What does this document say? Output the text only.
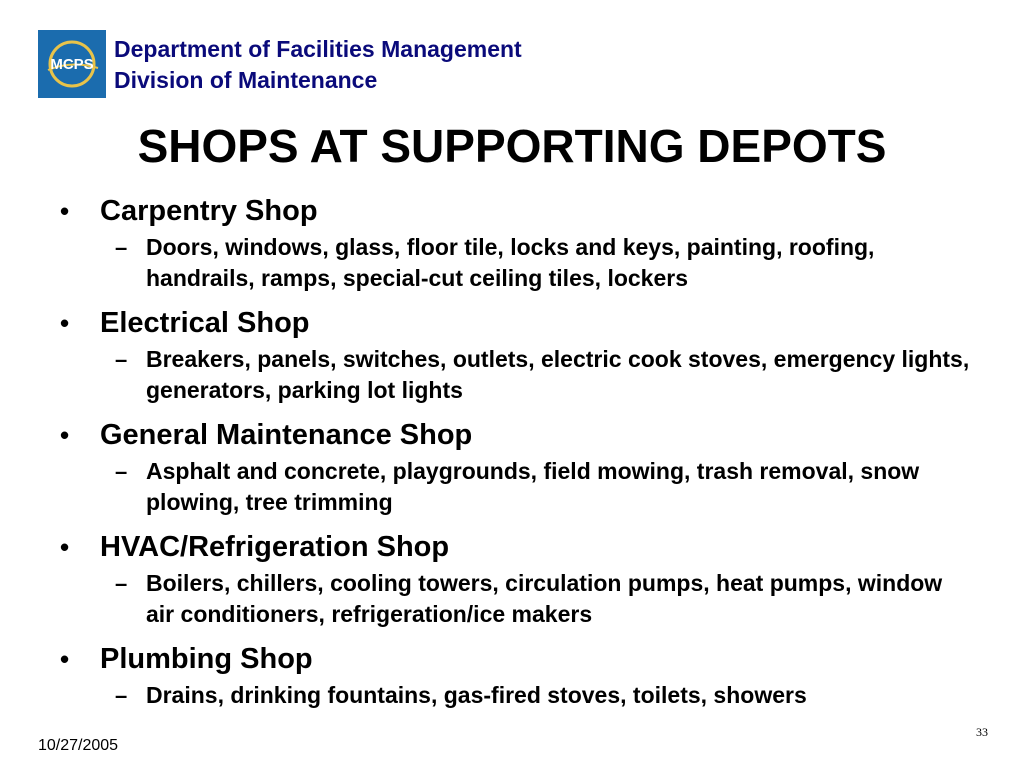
MCPS
Department of Facilities Management
Division of Maintenance
SHOPS AT SUPPORTING DEPOTS
•	Carpentry Shop
– Doors, windows, glass, floor tile, locks and keys, painting, roofing, handrails, ramps, special-cut ceiling tiles, lockers
•	Electrical Shop
– Breakers, panels, switches, outlets, electric cook stoves, emergency lights, generators, parking lot lights
•	General Maintenance Shop
– Asphalt and concrete, playgrounds, field mowing, trash removal, snow plowing, tree trimming
•	HVAC/Refrigeration Shop
– Boilers, chillers, cooling towers, circulation pumps, heat pumps, window air conditioners, refrigeration/ice makers
•	Plumbing Shop
– Drains, drinking fountains, gas-fired stoves, toilets, showers
10/27/2005
33
